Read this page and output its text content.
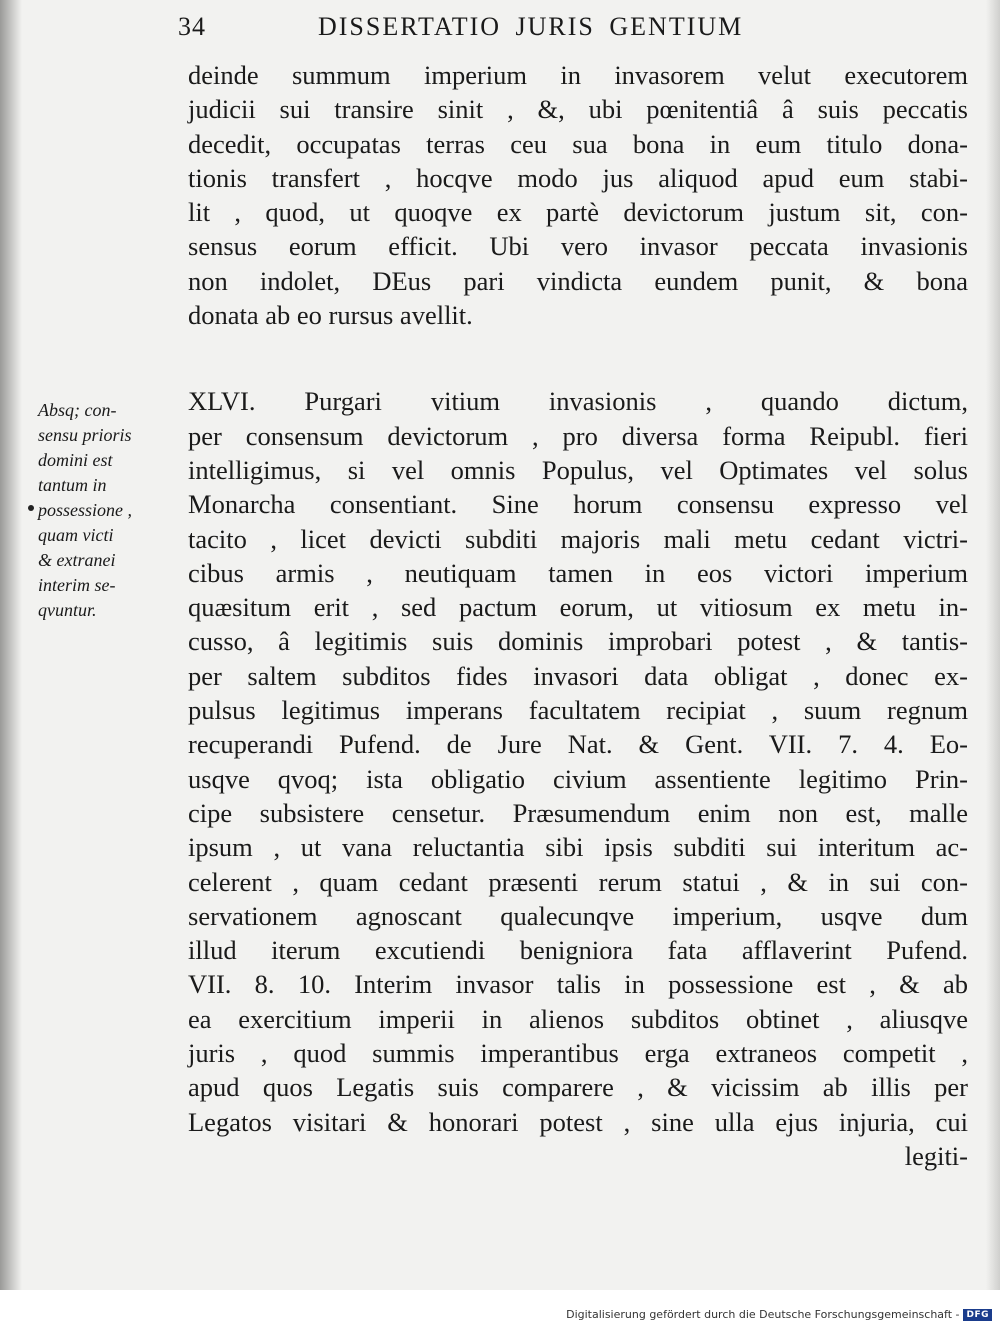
34	DISSERTATIO JURIS GENTIUM
deinde summum imperium in invasorem velut executorem
judicii sui transire sinit , &, ubi pœnitentiâ â suis peccatis
decedit, occupatas terras ceu sua bona in eum titulo dona-
tionis transfert , hocqve modo jus aliquod apud eum stabi-
lit , quod, ut quoqve ex partè devictorum justum sit, con-
sensus eorum efficit. Ubi vero invasor peccata invasionis
non indolet, DEus pari vindicta eundem punit, & bona
donata ab eo rursus avellit.
XLVI. Purgari vitium invasionis , quando dictum,
per consensum devictorum , pro diversa forma Reipubl. fieri
intelligimus, si vel omnis Populus, vel Optimates vel solus
Monarcha consentiant. Sine horum consensu expresso vel
tacito , licet devicti subditi majoris mali metu cedant victri-
cibus armis , neutiquam tamen in eos victori imperium
quæsitum erit , sed pactum eorum, ut vitiosum ex metu in-
cusso, â legitimis suis dominis improbari potest , & tantis-
per saltem subditos fides invasori data obligat , donec ex-
pulsus legitimus imperans facultatem recipiat , suum regnum
recuperandi Pufend. de Jure Nat. & Gent. VII. 7. 4. Eo-
usqve qvoq; ista obligatio civium assentiente legitimo Prin-
cipe subsistere censetur. Præsumendum enim non est, malle
ipsum , ut vana reluctantia sibi ipsis subditi sui interitum ac-
celerent , quam cedant præsenti rerum statui , & in sui con-
servationem agnoscant qualecunqve imperium, usqve dum
illud iterum excutiendi benigniora fata afflaverint Pufend.
VII. 8. 10. Interim invasor talis in possessione est , & ab
ea exercitium imperii in alienos subditos obtinet , aliusqve
juris , quod summis imperantibus erga extraneos competit ,
apud quos Legatis suis comparere , & vicissim ab illis per
Legatos visitari & honorari potest , sine ulla ejus injuria, cui
legiti-
Absq; con-
sensu prioris
domini est
tantum in
possessione ,
quam victi
& extranei
interim se-
qvuntur.
Digitalisierung gefördert durch die Deutsche Forschungsgemeinschaft - DFG
